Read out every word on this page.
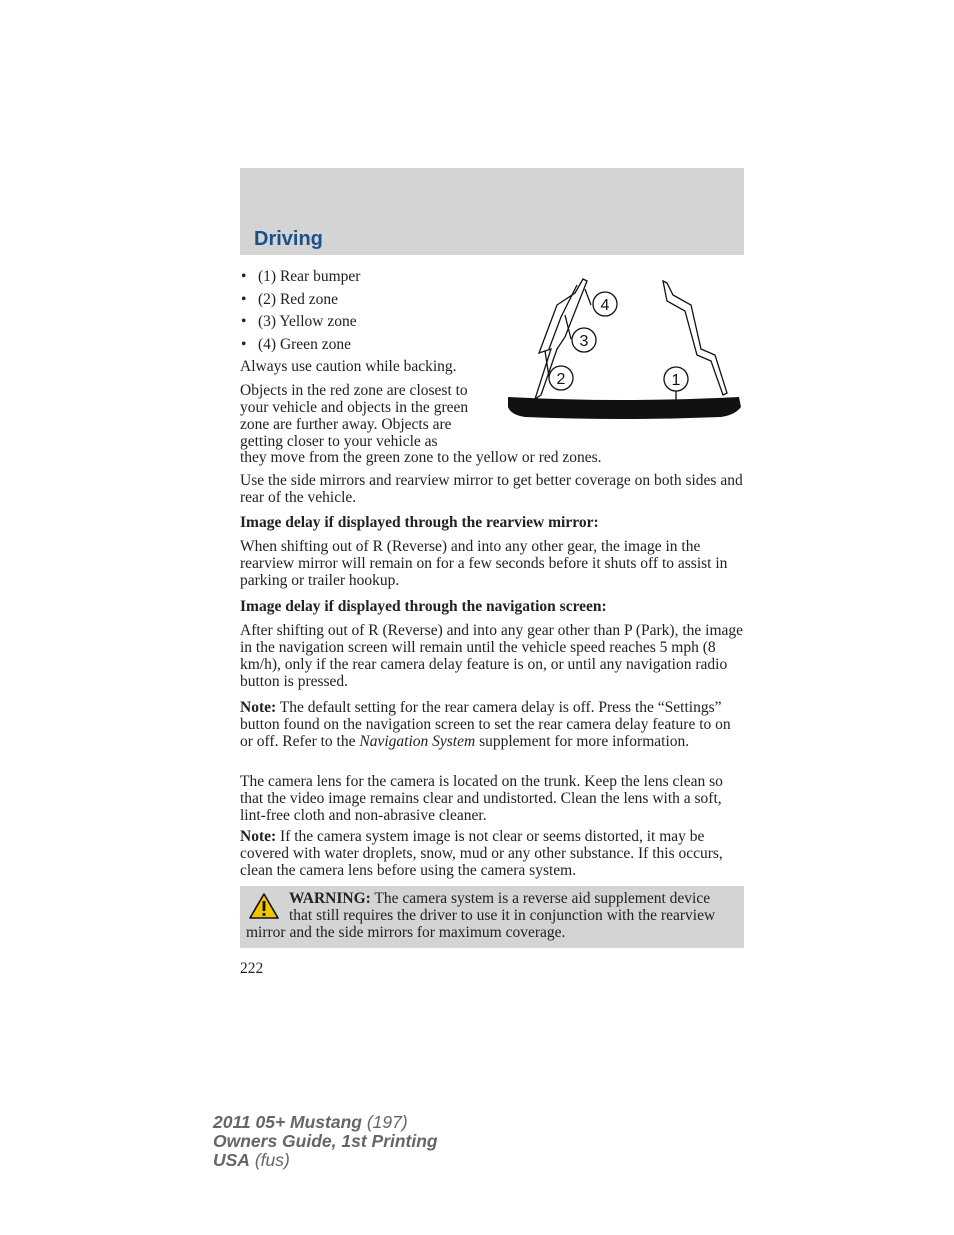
Driving
• (1) Rear bumper
• (2) Red zone
• (3) Yellow zone
• (4) Green zone
4
3
2	1

Always use caution while backing.

Objects in the red zone are closest to your vehicle and objects in the green zone are further away. Objects are getting closer to your vehicle as

they move from the green zone to the yellow or red zones.

Use the side mirrors and rearview mirror to get better coverage on both sides and rear of the vehicle.

Image delay if displayed through the rearview mirror:

When shifting out of R (Reverse) and into any other gear, the image in the rearview mirror will remain on for a few seconds before it shuts off to assist in parking or trailer hookup.

Image delay if displayed through the navigation screen:

After shifting out of R (Reverse) and into any gear other than P (Park), the image in the navigation screen will remain until the vehicle speed reaches 5 mph (8 km/h), only if the rear camera delay feature is on, or until any navigation radio button is pressed.

Note: The default setting for the rear camera delay is off. Press the “Settings” button found on the navigation screen to set the rear camera delay feature to on or off. Refer to the Navigation System supplement for more information.

The camera lens for the camera is located on the trunk. Keep the lens clean so that the video image remains clear and undistorted. Clean the lens with a soft, lint-free cloth and non-abrasive cleaner.

Note: If the camera system image is not clear or seems distorted, it may be covered with water droplets, snow, mud or any other substance. If this occurs, clean the camera lens before using the camera system.

WARNING: The camera system is a reverse aid supplement device that still requires the driver to use it in conjunction with the rearview mirror and the side mirrors for maximum coverage.

222

2011 05+ Mustang (197)
Owners Guide, 1st Printing
USA (fus)
